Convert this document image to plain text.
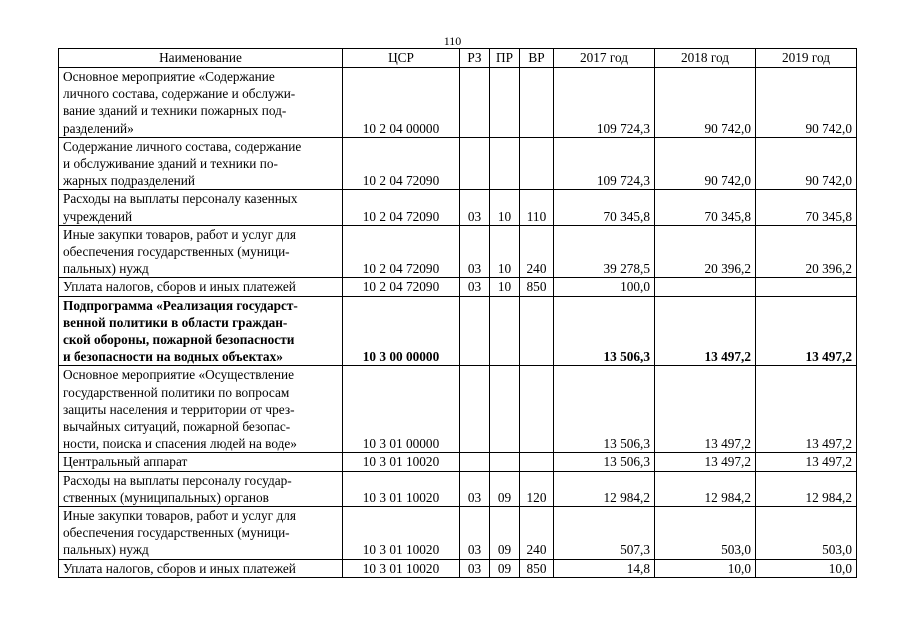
110
Наименование	ЦСР	РЗ	ПР	ВР	2017 год	2018 год	2019 год
Основное мероприятие «Содержание
личного состава, содержание и обслужи-
вание зданий и техники пожарных под-
разделений»	10 2 04 00000				109 724,3	90 742,0	90 742,0
Содержание личного состава, содержание
и обслуживание зданий и техники по-
жарных подразделений	10 2 04 72090				109 724,3	90 742,0	90 742,0
Расходы на выплаты персоналу казенных
учреждений	10 2 04 72090	03	10	110	70 345,8	70 345,8	70 345,8
Иные закупки товаров, работ и услуг для
обеспечения государственных (муници-
пальных) нужд	10 2 04 72090	03	10	240	39 278,5	20 396,2	20 396,2
Уплата налогов, сборов и иных платежей	10 2 04 72090	03	10	850	100,0		
Подпрограмма «Реализация государст-
венной политики в области граждан-
ской обороны, пожарной безопасности
и безопасности на водных объектах»	10 3 00 00000				13 506,3	13 497,2	13 497,2
Основное мероприятие «Осуществление
государственной политики по вопросам
защиты населения и территории от чрез-
вычайных ситуаций, пожарной безопас-
ности, поиска и спасения людей на воде»	10 3 01 00000				13 506,3	13 497,2	13 497,2
Центральный аппарат	10 3 01 10020				13 506,3	13 497,2	13 497,2
Расходы на выплаты персоналу государ-
ственных (муниципальных) органов	10 3 01 10020	03	09	120	12 984,2	12 984,2	12 984,2
Иные закупки товаров, работ и услуг для
обеспечения государственных (муници-
пальных) нужд	10 3 01 10020	03	09	240	507,3	503,0	503,0
Уплата налогов, сборов и иных платежей	10 3 01 10020	03	09	850	14,8	10,0	10,0
